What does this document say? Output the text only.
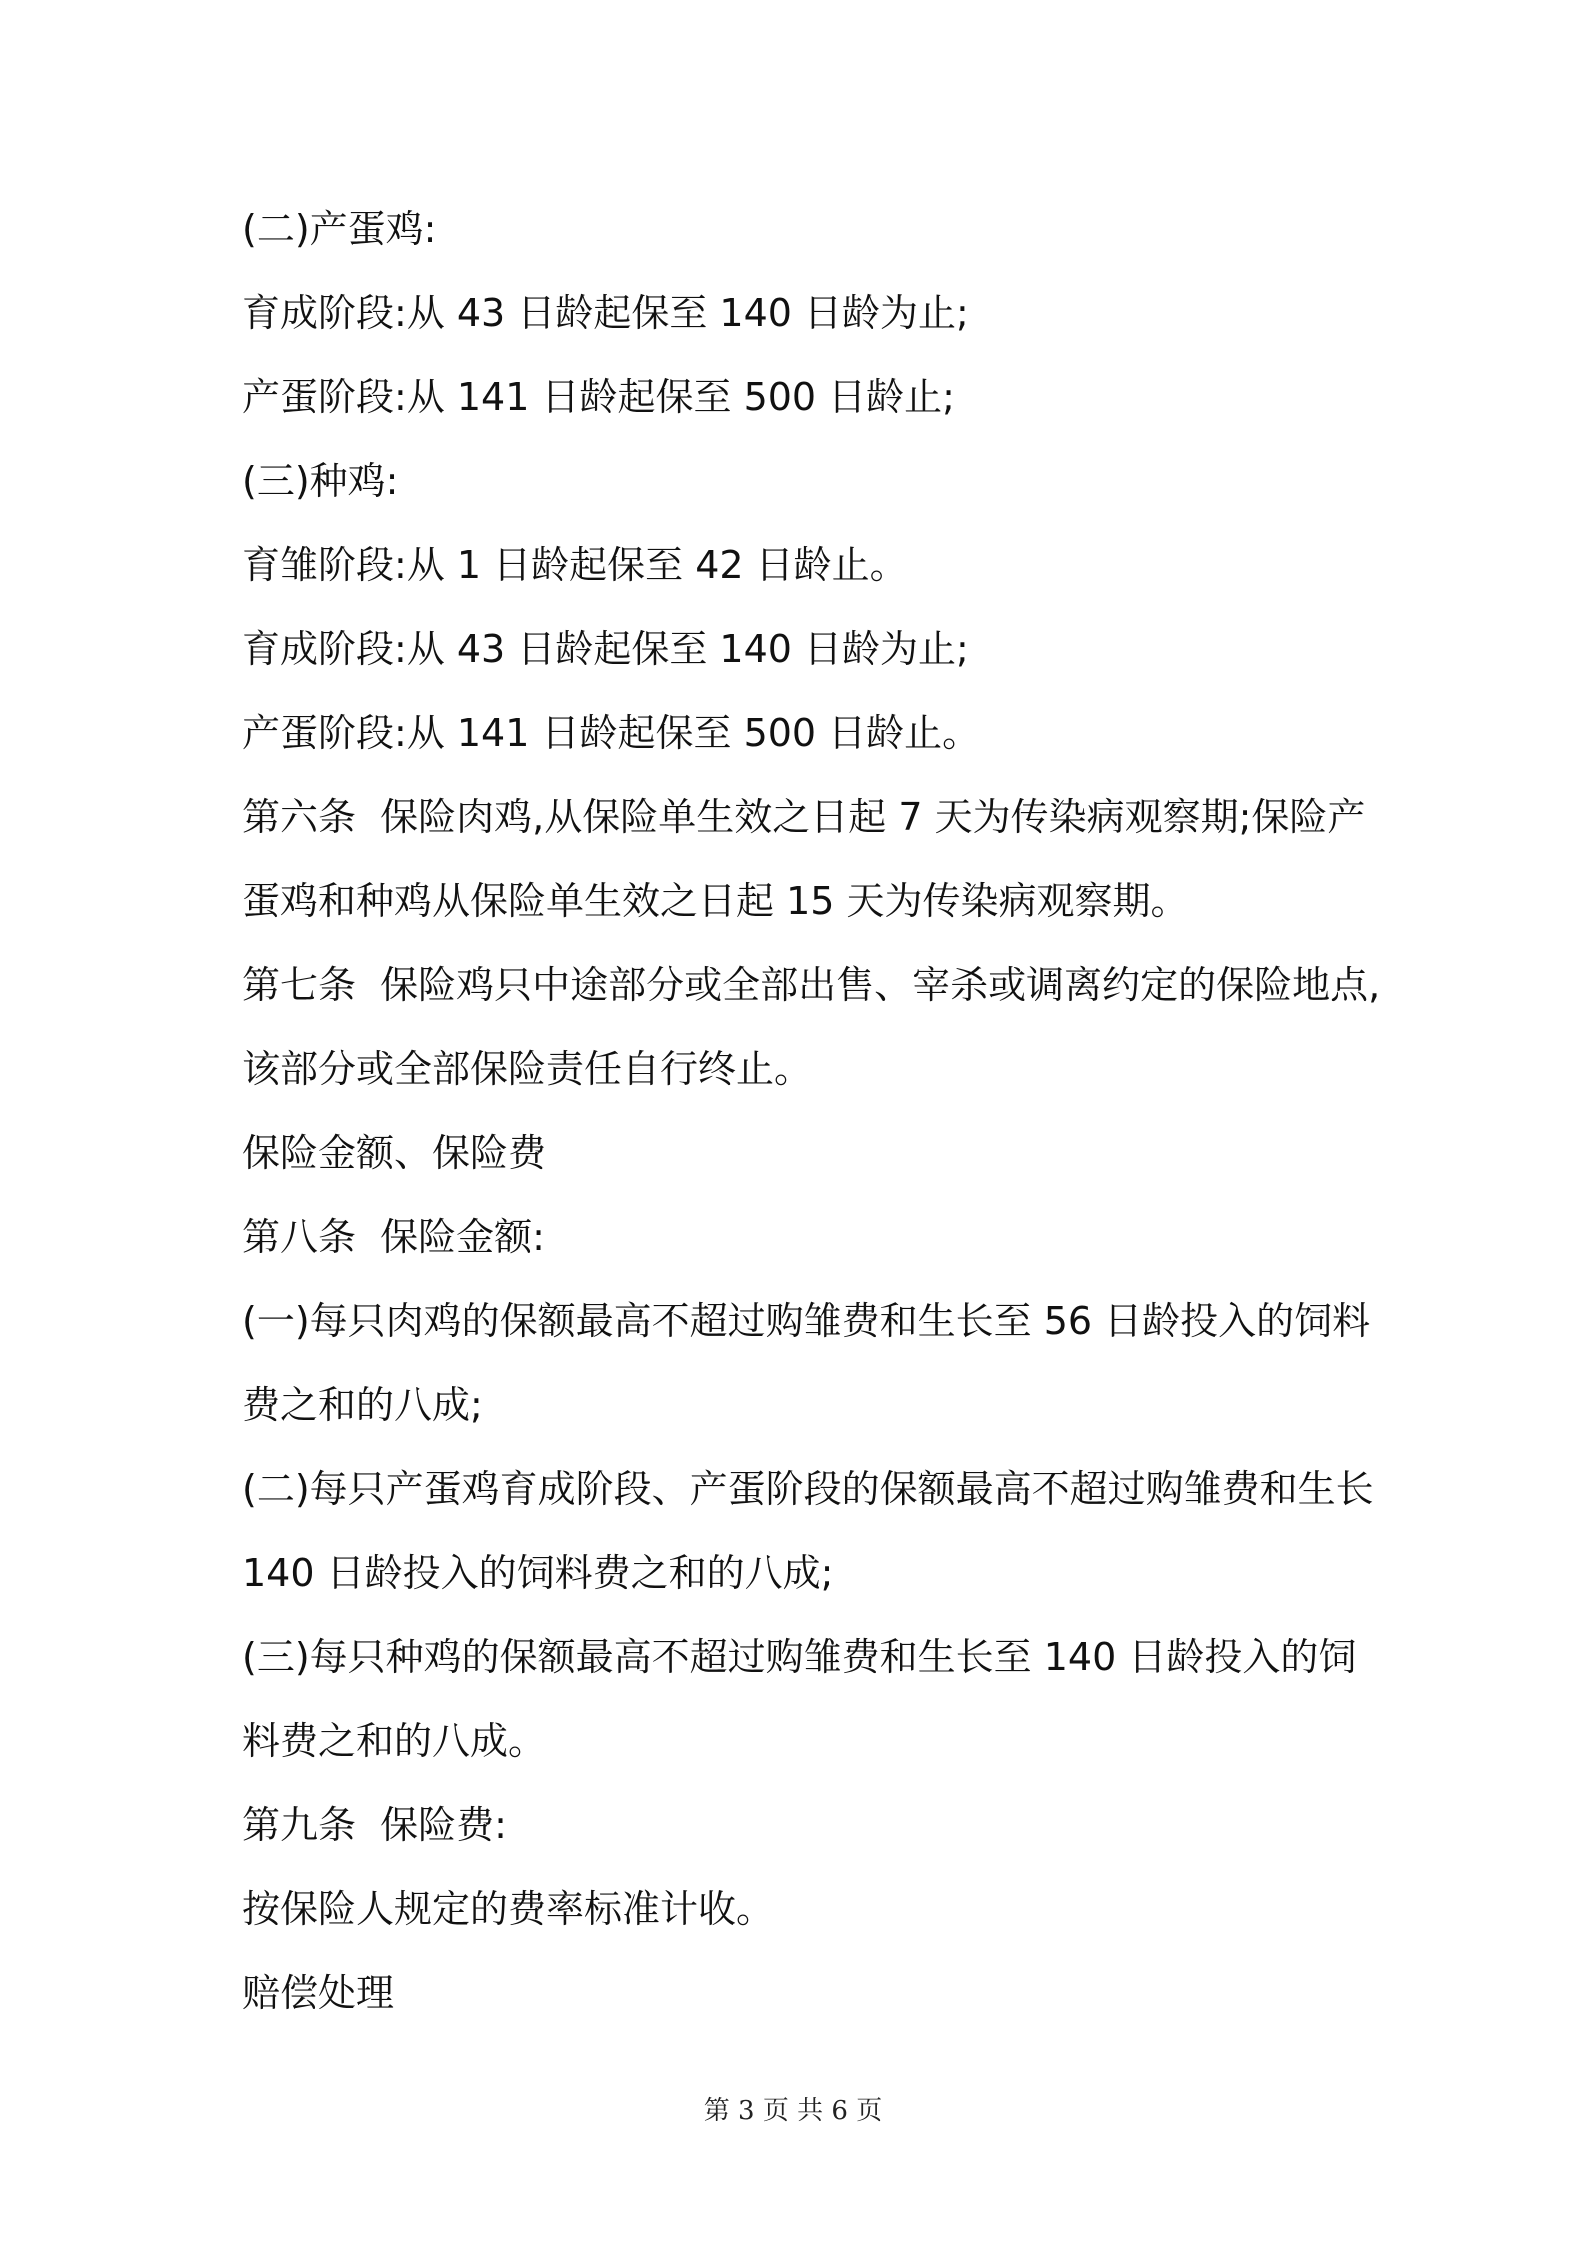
(二)产蛋鸡:
育成阶段:从 43 日龄起保至 140 日龄为止;
产蛋阶段:从 141 日龄起保至 500 日龄止;
(三)种鸡:
育雏阶段:从 1 日龄起保至 42 日龄止。
育成阶段:从 43 日龄起保至 140 日龄为止;
产蛋阶段:从 141 日龄起保至 500 日龄止。
第六条  保险肉鸡,从保险单生效之日起 7 天为传染病观察期;保险产
蛋鸡和种鸡从保险单生效之日起 15 天为传染病观察期。
第七条  保险鸡只中途部分或全部出售、宰杀或调离约定的保险地点,
该部分或全部保险责任自行终止。
保险金额、保险费
第八条  保险金额:
(一)每只肉鸡的保额最高不超过购雏费和生长至 56 日龄投入的饲料
费之和的八成;
(二)每只产蛋鸡育成阶段、产蛋阶段的保额最高不超过购雏费和生长
140 日龄投入的饲料费之和的八成;
(三)每只种鸡的保额最高不超过购雏费和生长至 140 日龄投入的饲
料费之和的八成。
第九条  保险费:
按保险人规定的费率标准计收。
赔偿处理
第 3 页 共 6 页
